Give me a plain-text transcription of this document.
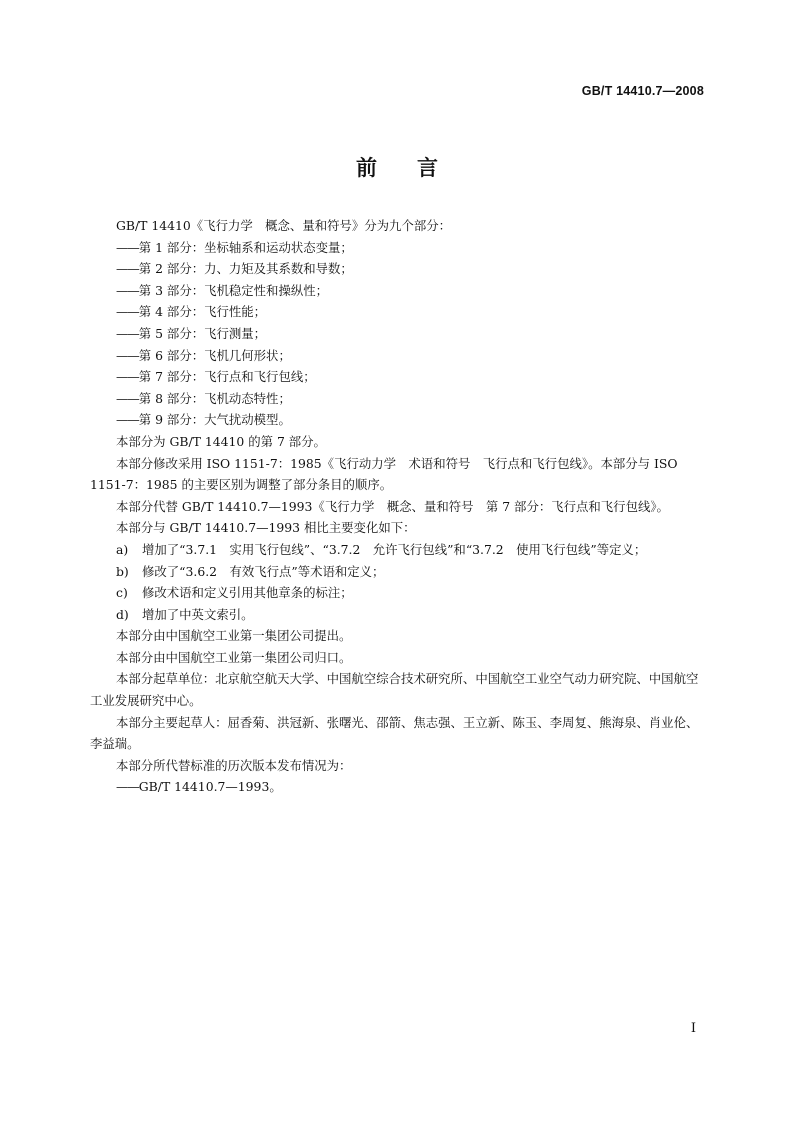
GB/T 14410.7—2008
前言

GB/T 14410《飞行力学　概念、量和符号》分为九个部分：

——第 1 部分：坐标轴系和运动状态变量；

——第 2 部分：力、力矩及其系数和导数；

——第 3 部分：飞机稳定性和操纵性；

——第 4 部分：飞行性能；

——第 5 部分：飞行测量；

——第 6 部分：飞机几何形状；

——第 7 部分：飞行点和飞行包线；

——第 8 部分：飞机动态特性；

——第 9 部分：大气扰动模型。

本部分为 GB/T 14410 的第 7 部分。

本部分修改采用 ISO 1151-7：1985《飞行动力学　术语和符号　飞行点和飞行包线》。本部分与 ISO 1151-7：1985 的主要区别为调整了部分条目的顺序。

本部分代替 GB/T 14410.7—1993《飞行力学　概念、量和符号　第 7 部分：飞行点和飞行包线》。

本部分与 GB/T 14410.7—1993 相比主要变化如下：

a) 增加了“3.7.1　实用飞行包线”、“3.7.2　允许飞行包线”和“3.7.2　使用飞行包线”等定义；

b) 修改了“3.6.2　有效飞行点”等术语和定义；

c) 修改术语和定义引用其他章条的标注；

d) 增加了中英文索引。

本部分由中国航空工业第一集团公司提出。

本部分由中国航空工业第一集团公司归口。

本部分起草单位：北京航空航天大学、中国航空综合技术研究所、中国航空工业空气动力研究院、中国航空工业发展研究中心。

本部分主要起草人：屈香菊、洪冠新、张曙光、邵箭、焦志强、王立新、陈玉、李周复、熊海泉、肖业伦、李益瑞。

本部分所代替标准的历次版本发布情况为：

——GB/T 14410.7—1993。

I
